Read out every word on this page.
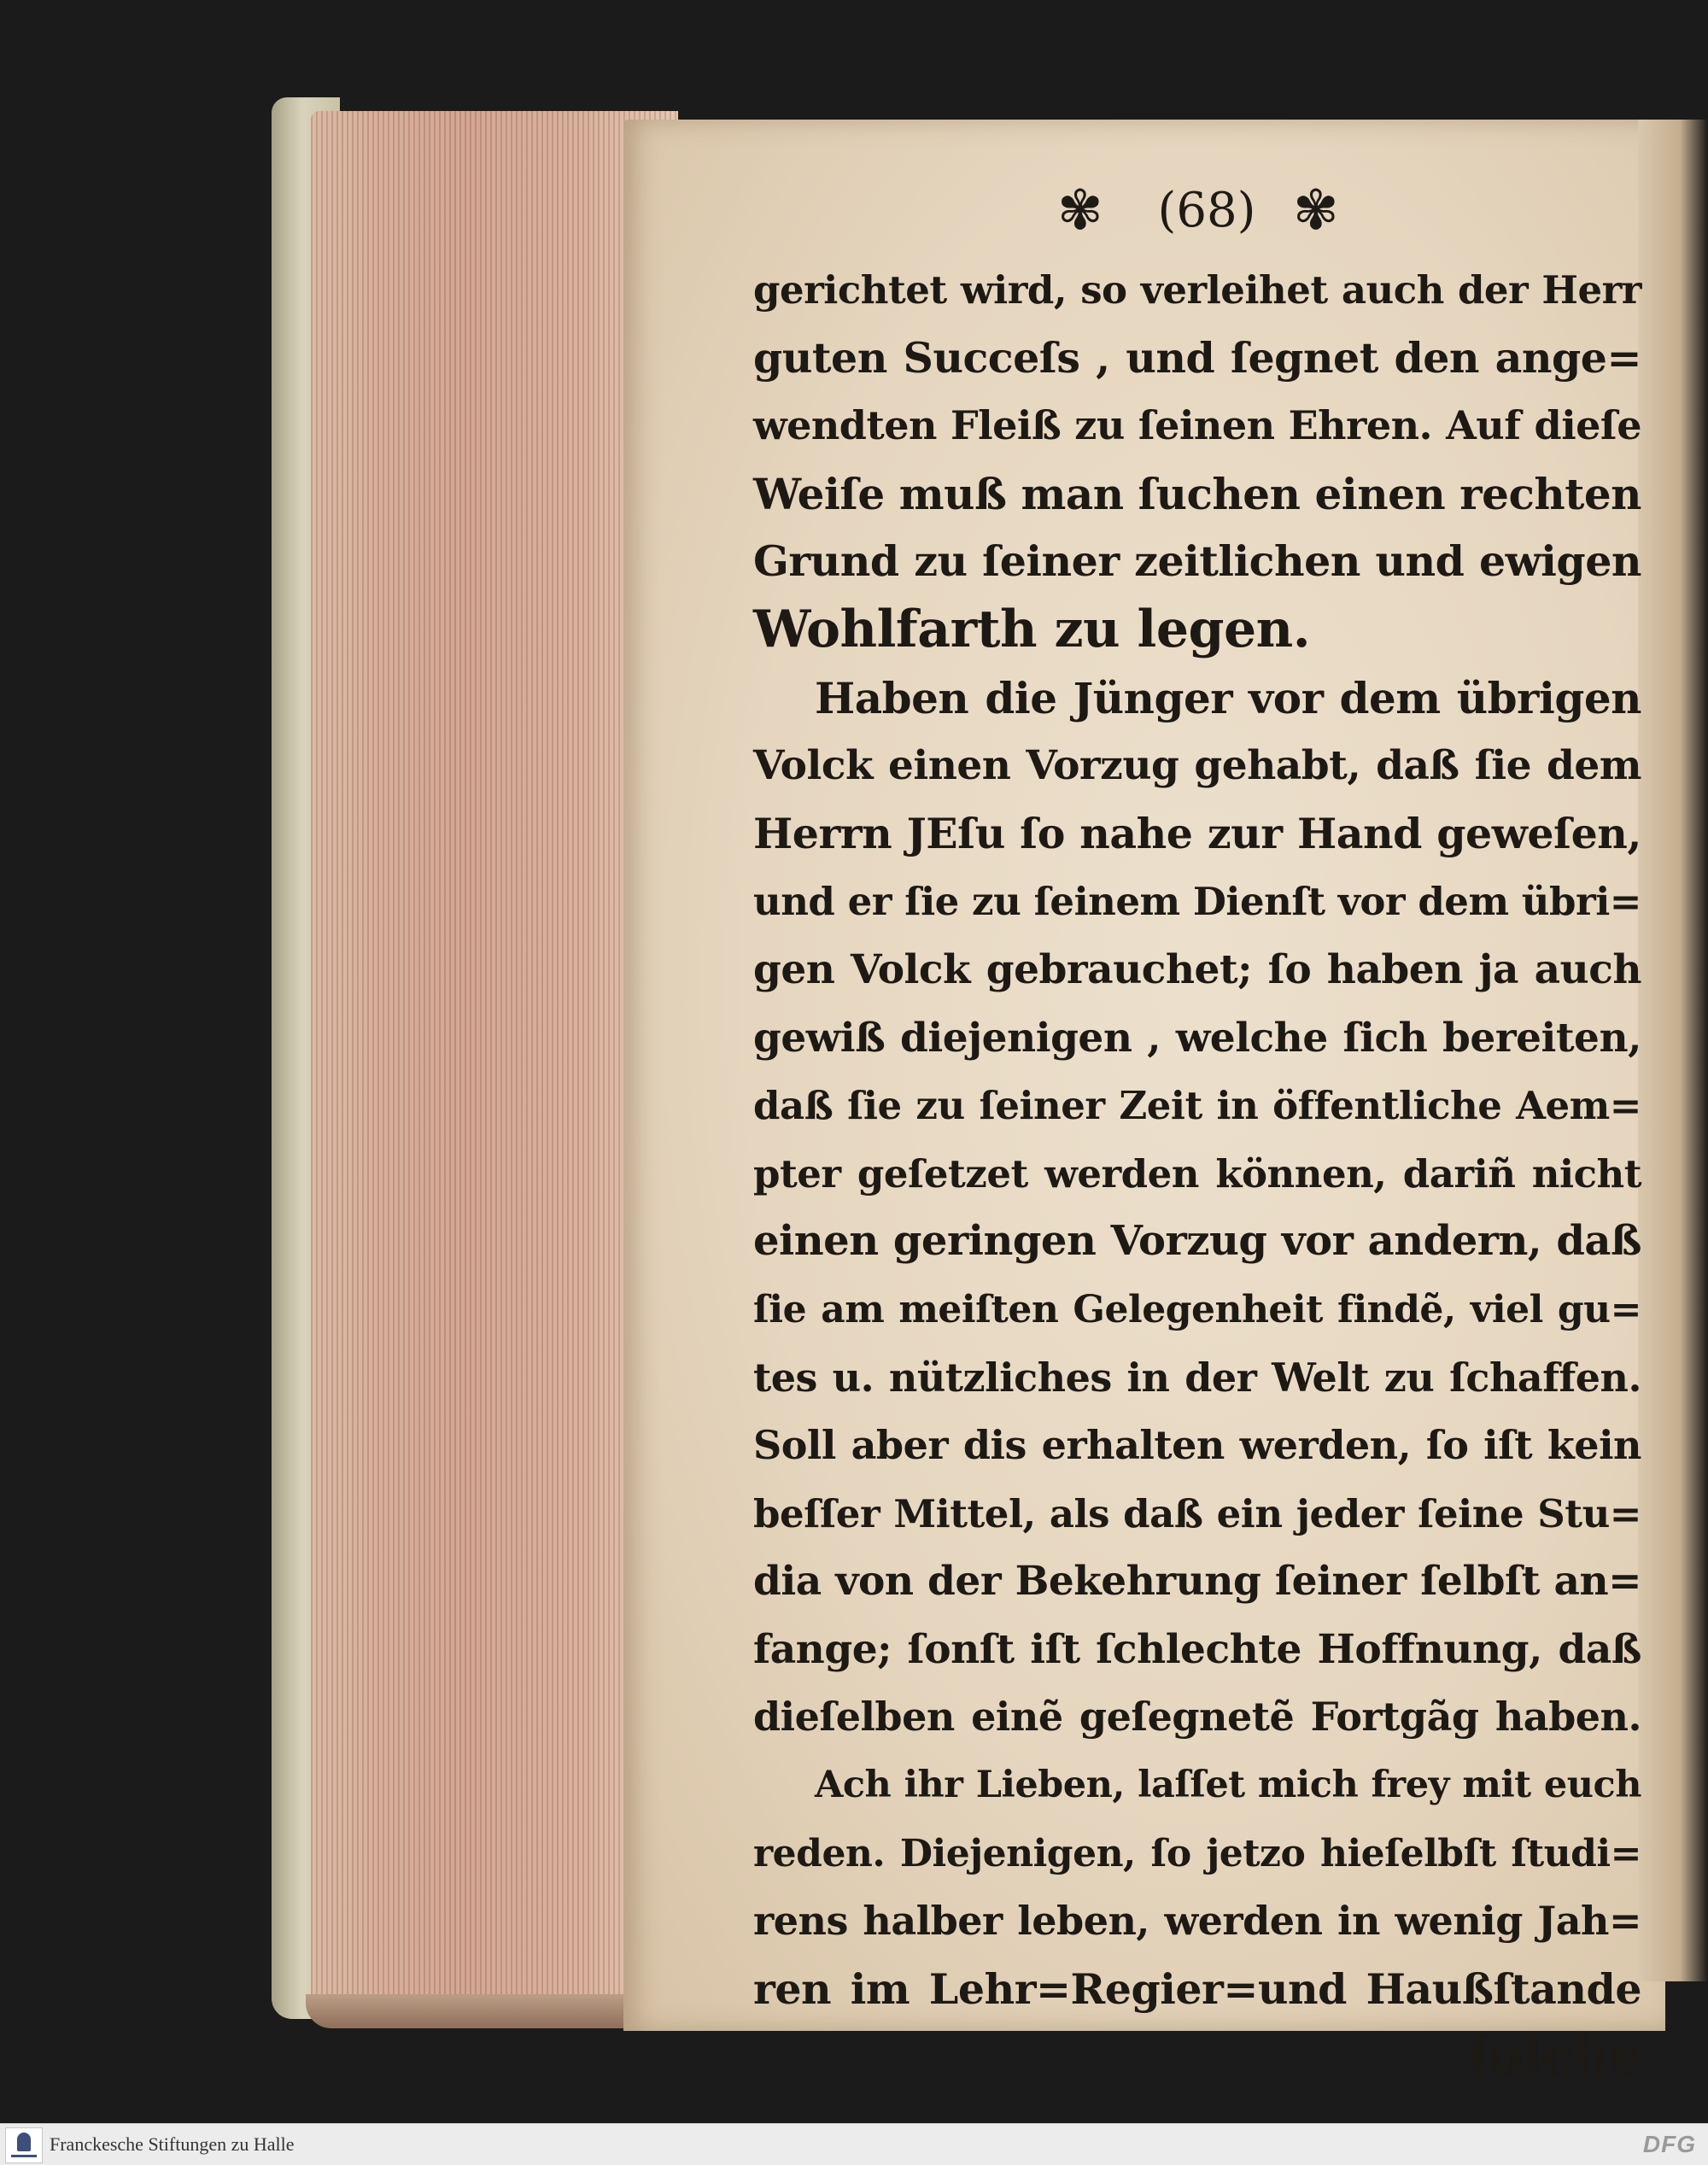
✾	(68) ✾
gerichtet wird, so verleihet auch der Herr
guten Succeſs , und ſegnet den ange=
wendten Fleiß zu ſeinen Ehren. Auf dieſe
Weiſe muß man ſuchen einen rechten
Grund zu ſeiner zeitlichen und ewigen
Wohlfarth zu legen.
Haben die Jünger vor dem übrigen
Volck einen Vorzug gehabt, daß ſie dem
Herrn JEſu ſo nahe zur Hand geweſen,
und er ſie zu ſeinem Dienſt vor dem übri=
gen Volck gebrauchet; ſo haben ja auch
gewiß diejenigen , welche ſich bereiten,
daß ſie zu ſeiner Zeit in öffentliche Aem=
pter geſetzet werden können, dariñ nicht
einen geringen Vorzug vor andern, daß
ſie am meiſten Gelegenheit findẽ, viel gu=
tes u. nützliches in der Welt zu ſchaffen.
Soll aber dis erhalten werden, ſo iſt kein
beſſer Mittel, als daß ein jeder ſeine Stu=
dia von der Bekehrung ſeiner ſelbſt an=
fange; ſonſt iſt ſchlechte Hoffnung, daß
dieſelben einẽ geſegnetẽ Fortgãg haben.
Ach ihr Lieben, laſſet mich frey mit euch
reden. Diejenigen, ſo jetzo hieſelbſt ſtudi=
rens halber leben, werden in wenig Jah=
ren im Lehr=Regier=und Haußſtande
ſolche
Franckesche Stiftungen zu Halle	DFG
